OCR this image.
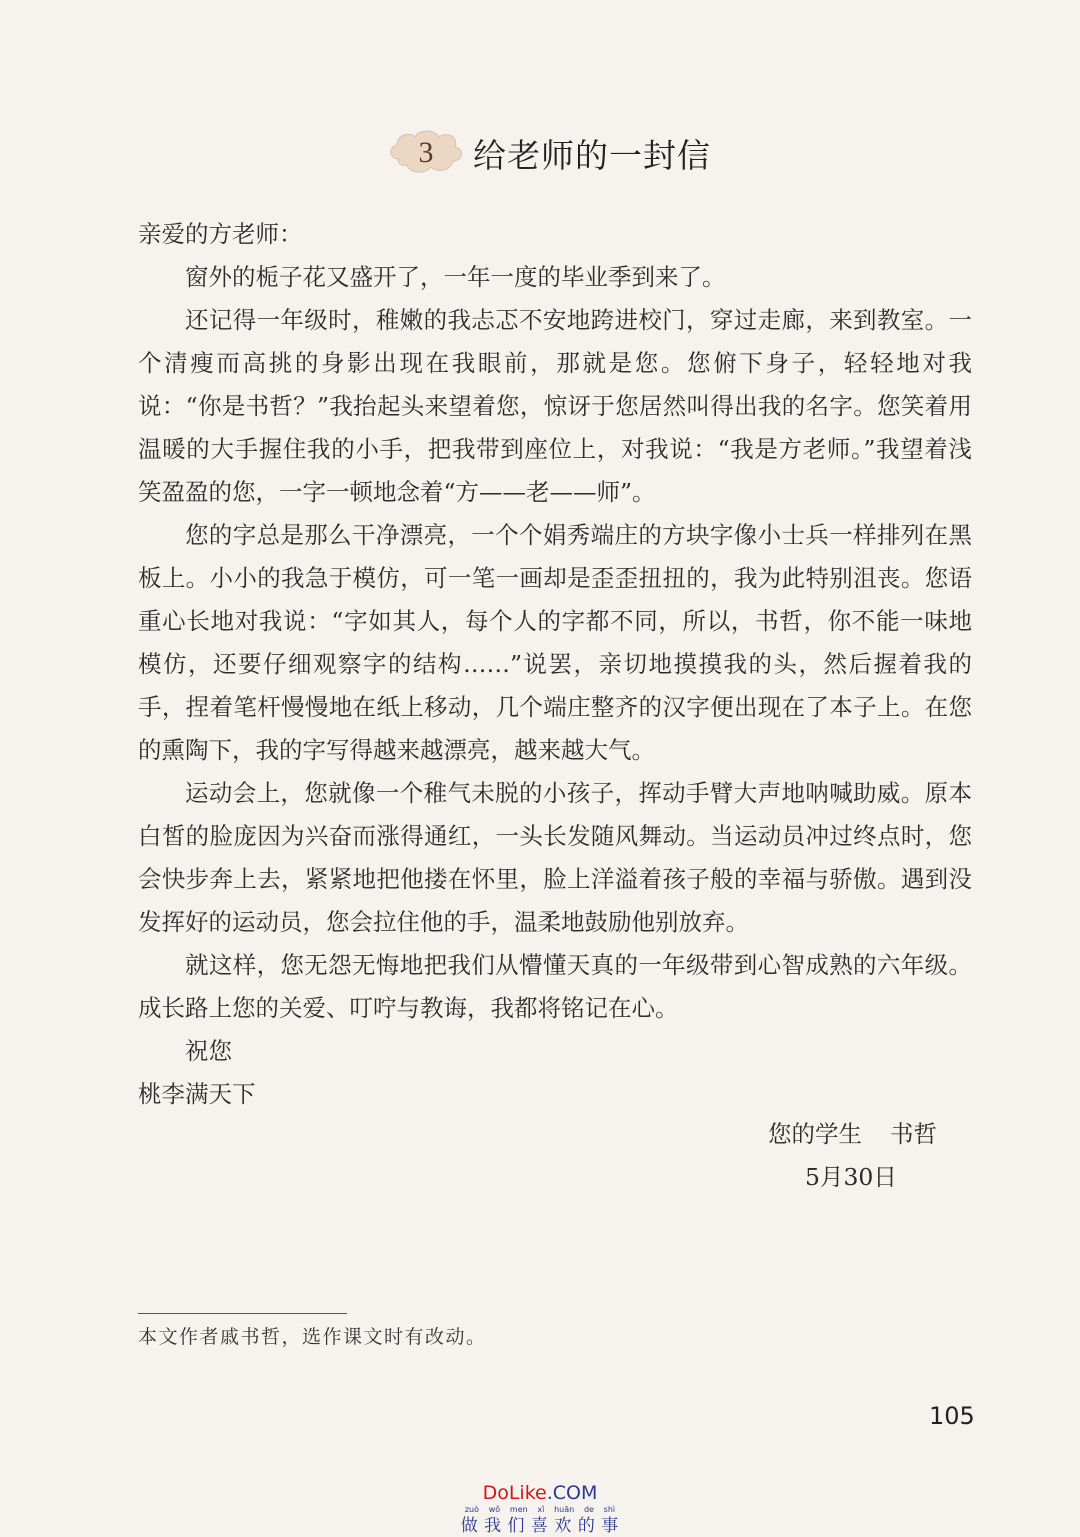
3 给老师的一封信

亲爱的方老师：

窗外的栀子花又盛开了，一年一度的毕业季到来了。

还记得一年级时，稚嫩的我忐忑不安地跨进校门，穿过走廊，来到教室。一个清瘦而高挑的身影出现在我眼前，那就是您。您俯下身子，轻轻地对我说：“你是书哲？”我抬起头来望着您，惊讶于您居然叫得出我的名字。您笑着用温暖的大手握住我的小手，把我带到座位上，对我说：“我是方老师。”我望着浅笑盈盈的您，一字一顿地念着“方——老——师”。

您的字总是那么干净漂亮，一个个娟秀端庄的方块字像小士兵一样排列在黑板上。小小的我急于模仿，可一笔一画却是歪歪扭扭的，我为此特别沮丧。您语重心长地对我说：“字如其人，每个人的字都不同，所以，书哲，你不能一味地模仿，还要仔细观察字的结构……”说罢，亲切地摸摸我的头，然后握着我的手，捏着笔杆慢慢地在纸上移动，几个端庄整齐的汉字便出现在了本子上。在您的熏陶下，我的字写得越来越漂亮，越来越大气。

运动会上，您就像一个稚气未脱的小孩子，挥动手臂大声地呐喊助威。原本白皙的脸庞因为兴奋而涨得通红，一头长发随风舞动。当运动员冲过终点时，您会快步奔上去，紧紧地把他搂在怀里，脸上洋溢着孩子般的幸福与骄傲。遇到没发挥好的运动员，您会拉住他的手，温柔地鼓励他别放弃。

就这样，您无怨无悔地把我们从懵懂天真的一年级带到心智成熟的六年级。成长路上您的关爱、叮咛与教诲，我都将铭记在心。

祝您

桃李满天下

您的学生 书哲
5月30日
本文作者戚书哲，选作课文时有改动。
105
DoLike.COM
zuò wǒ men xǐ huān de shì
做 我 们 喜 欢 的 事
